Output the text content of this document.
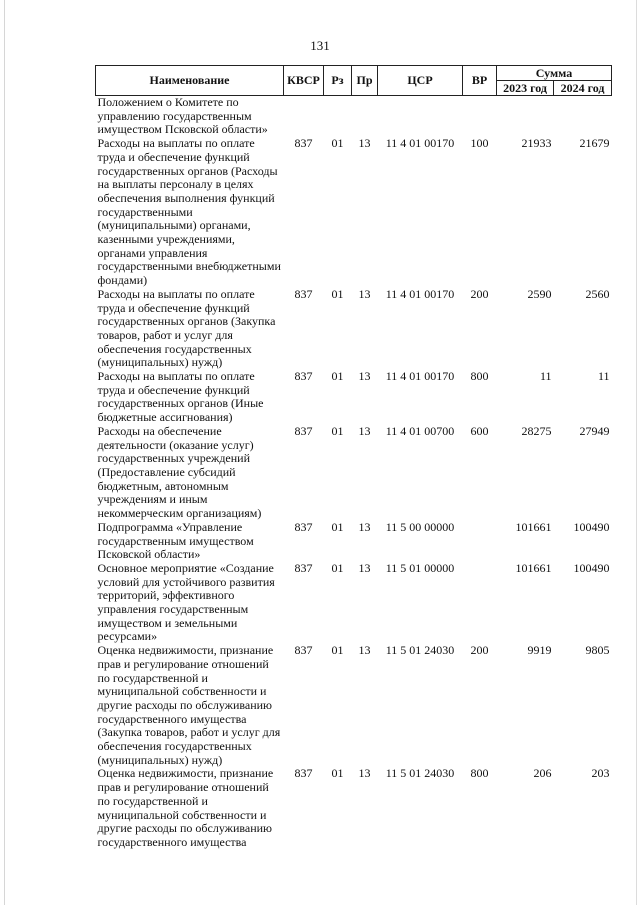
131
Наименование	КВСР	Рз	Пр	ЦСР	ВР	Сумма	
						2023 год	2024 год
Положением о Комитете по управлению государственным имуществом Псковской области»							
Расходы на выплаты по оплате труда и обеспечение функций государственных органов (Расходы на выплаты персоналу в целях обеспечения выполнения функций государственными (муниципальными) органами, казенными учреждениями, органами управления государственными внебюджетными фондами)	837	01	13	11 4 01 00170	100	21933	21679
Расходы на выплаты по оплате труда и обеспечение функций государственных органов (Закупка товаров, работ и услуг для обеспечения государственных (муниципальных) нужд)	837	01	13	11 4 01 00170	200	2590	2560
Расходы на выплаты по оплате труда и обеспечение функций государственных органов (Иные бюджетные ассигнования)	837	01	13	11 4 01 00170	800	11	11
Расходы на обеспечение деятельности (оказание услуг) государственных учреждений (Предоставление субсидий бюджетным, автономным учреждениям и иным некоммерческим организациям)	837	01	13	11 4 01 00700	600	28275	27949
Подпрограмма «Управление государственным имуществом Псковской области»	837	01	13	11 5 00 00000		101661	100490
Основное мероприятие «Создание условий для устойчивого развития территорий, эффективного управления государственным имуществом и земельными ресурсами»	837	01	13	11 5 01 00000		101661	100490
Оценка недвижимости, признание прав и регулирование отношений по государственной и муниципальной собственности и другие расходы по обслуживанию государственного имущества (Закупка товаров, работ и услуг для обеспечения государственных (муниципальных) нужд)	837	01	13	11 5 01 24030	200	9919	9805
Оценка недвижимости, признание прав и регулирование отношений по государственной и муниципальной собственности и другие расходы по обслуживанию государственного имущества	837	01	13	11 5 01 24030	800	206	203
